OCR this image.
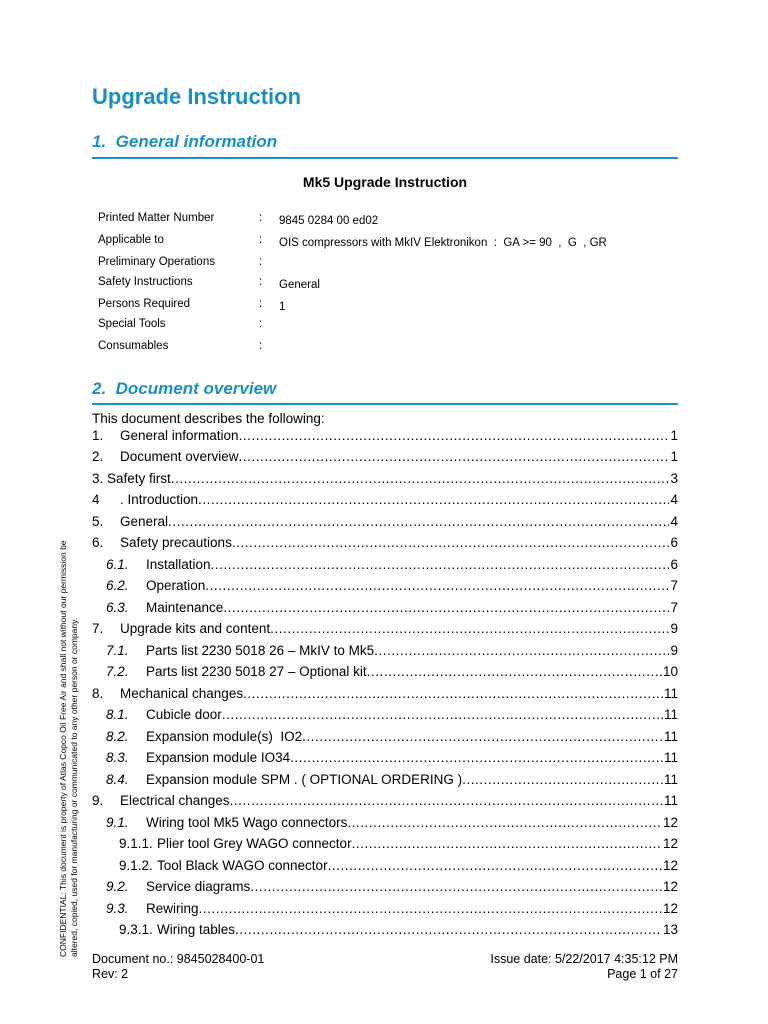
Upgrade Instruction
1. General information
Mk5 Upgrade Instruction
Printed Matter Number	: 9845 0284 00 ed02
Applicable to	: OIS compressors with MkIV Elektronikon  :  GA >= 90  ,  G  , GR
Preliminary Operations	:
Safety Instructions	: General
Persons Required	: 1
Special Tools	:
Consumables	:
2. Document overview
This document describes the following:
1.	General information . . .	1
2.	Document overview . . .	1
3. Safety first . . .	3
4	. Introduction . . .	4
5.	General . . .	4
6.	Safety precautions . . .	6
6.1.	Installation . . .	6
6.2.	Operation . . .	7
6.3.	Maintenance . . .	7
7.	Upgrade kits and content . . .	9
7.1.	Parts list 2230 5018 26 – MkIV to Mk5 . . .	9
7.2.	Parts list 2230 5018 27 – Optional kit . . .	10
8.	Mechanical changes . . .	11
8.1.	Cubicle door . . .	11
8.2.	Expansion module(s)  IO2 . . .	11
8.3.	Expansion module IO34 . . .	11
8.4.	Expansion module SPM . ( OPTIONAL ORDERING ) . . .	11
9.	Electrical changes . . .	11
9.1.	Wiring tool Mk5 Wago connectors . . .	12
9.1.1. Plier tool Grey WAGO connector . . .	12
9.1.2. Tool Black WAGO connector . . .	12
9.2.	Service diagrams . . .	12
9.3.	Rewiring . . .	12
9.3.1. Wiring tables . . .	13
CONFIDENTIAL: This document is property of Atlas Copco Oil Free Air and shall not without our permission be altered, copied, used for manufacturing or communicated to any other person or company.
Document no.: 9845028400-01
Rev: 2
Issue date: 5/22/2017 4:35:12 PM
Page 1 of 27
